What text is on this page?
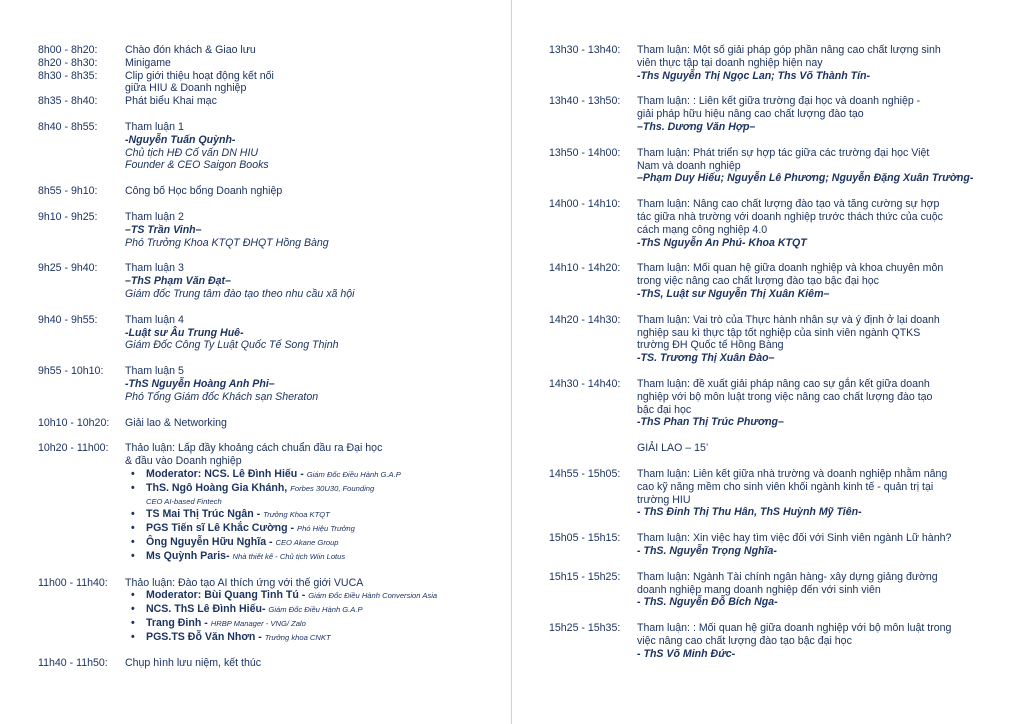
8h00 - 8h20:	Chào đón khách & Giao lưu
8h20 - 8h30:	Minigame
8h30 - 8h35:	Clip giới thiệu hoạt động kết nối
giữa HIU & Doanh nghiệp
8h35 - 8h40:	Phát biểu Khai mạc
8h40 - 8h55:	Tham luận 1
-Nguyễn Tuấn Quỳnh-
Chủ tịch HĐ Cố vấn DN HIU
Founder & CEO Saigon Books
8h55 - 9h10:	Công bố Học bổng Doanh nghiệp
9h10 - 9h25:	Tham luận 2
–TS Trần Vinh–
Phó Trưởng Khoa KTQT ĐHQT Hồng Bàng
9h25 - 9h40:	Tham luận 3
–ThS Phạm Văn Đạt–
Giám đốc Trung tâm đào tạo theo nhu cầu xã hội
9h40 - 9h55:	Tham luận 4
-Luật sư Âu Trung Huê-
Giám Đốc Công Ty Luật Quốc Tế Song Thịnh
9h55 - 10h10:	Tham luận 5
-ThS Nguyễn Hoàng Anh Phi–
Phó Tổng Giám đốc Khách sạn Sheraton
10h10 - 10h20:	Giải lao & Networking
10h20 - 11h00:	Thảo luận: Lấp đầy khoảng cách chuẩn đầu ra Đại học
& đầu vào Doanh nghiệp
• Moderator: NCS. Lê Đình Hiếu - Giám Đốc Điều Hành G.A.P
• ThS. Ngô Hoàng Gia Khánh, Forbes 30U30, Founding
CEO AI-based Fintech
• TS Mai Thị Trúc Ngân - Trưởng Khoa KTQT
• PGS Tiến sĩ Lê Khắc Cường - Phó Hiệu Trưởng
• Ông Nguyễn Hữu Nghĩa - CEO Akane Group
• Ms Quỳnh Paris- Nhà thiết kế - Chủ tịch Wiin Lotus
11h00 - 11h40:	Thảo luận: Đào tạo AI thích ứng với thế giới VUCA
• Moderator: Bùi Quang Tinh Tú - Giám Đốc Điều Hành Conversion Asia
• NCS. ThS Lê Đình Hiếu- Giám Đốc Điều Hành G.A.P
• Trang Đinh - HRBP Manager - VNG/ Zalo
• PGS.TS Đỗ Văn Nhơn - Trưởng khoa CNKT
11h40 - 11h50:	Chụp hình lưu niệm, kết thúc
13h30 - 13h40:	Tham luận: Một số giải pháp góp phần nâng cao chất lượng sinh
viên thực tập tại doanh nghiệp hiện nay
-Ths Nguyễn Thị Ngọc Lan; Ths Võ Thành Tín-
13h40 - 13h50:	Tham luận: : Liên kết giữa trường đại học và doanh nghiệp -
giải pháp hữu hiệu nâng cao chất lượng đào tạo
–Ths. Dương Văn Hợp–
13h50 - 14h00:	Tham luận: Phát triển sự hợp tác giữa các trường đại học Việt
Nam và doanh nghiệp
–Phạm Duy Hiếu; Nguyễn Lê Phương; Nguyễn Đặng Xuân Trường-
14h00 - 14h10:	Tham luận: Nâng cao chất lượng đào tạo và tăng cường sự hợp
tác giữa nhà trường với doanh nghiệp trước thách thức của cuộc
cách mạng công nghiệp 4.0
-ThS Nguyễn An Phú- Khoa KTQT
14h10 - 14h20:	Tham luận: Mối quan hệ giữa doanh nghiệp và khoa chuyên môn
trong việc nâng cao chất lượng đào tạo bậc đại học
-ThS, Luật sư Nguyễn Thị Xuân Kiêm–
14h20 - 14h30:	Tham luận: Vai trò của Thực hành nhân sự và ý định ở lại doanh
nghiệp sau kì thực tập tốt nghiệp của sinh viên ngành QTKS
trường ĐH Quốc tế Hồng Bàng
-TS. Trương Thị Xuân Đào–
14h30 - 14h40:	Tham luận: đề xuất giải pháp nâng cao sự gắn kết giữa doanh
nghiệp với bộ môn luật trong việc nâng cao chất lượng đào tạo
bậc đại học
-ThS Phan Thị Trúc Phương–
GIẢI LAO – 15’
14h55 - 15h05:	Tham luận: Liên kết giữa nhà trường và doanh nghiệp nhằm nâng
cao kỹ năng mềm cho sinh viên khối ngành kinh tế - quản trị tại
trường HIU
- ThS Đinh Thị Thu Hân, ThS Huỳnh Mỹ Tiên-
15h05 - 15h15:	Tham luận: Xin việc hay tìm việc đối với Sinh viên ngành Lữ hành?
- ThS. Nguyễn Trọng Nghĩa-
15h15 - 15h25:	Tham luận: Ngành Tài chính ngân hàng- xây dựng giảng đường
doanh nghiệp mang doanh nghiệp đến với sinh viên
- ThS. Nguyễn Đỗ Bích Nga-
15h25 - 15h35:	Tham luận: : Mối quan hệ giữa doanh nghiệp với bộ môn luật trong
việc nâng cao chất lượng đào tạo bậc đại học
- ThS Võ Minh Đức-
